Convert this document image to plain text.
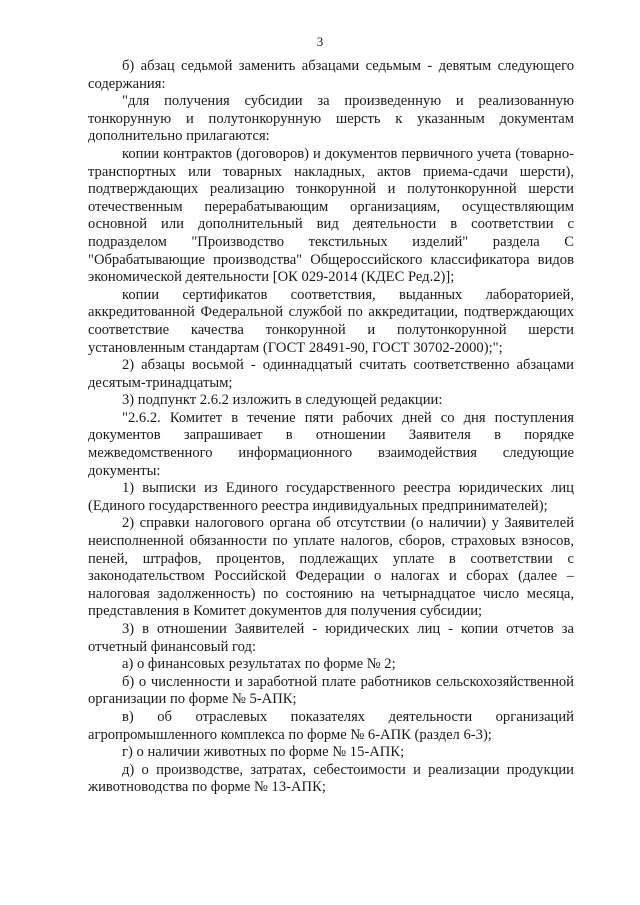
3

б) абзац седьмой заменить абзацами седьмым - девятым следующего содержания:

"для получения субсидии за произведенную и реализованную тонкорунную и полутонкорунную шерсть к указанным документам дополнительно прилагаются:

копии контрактов (договоров) и документов первичного учета (товарно-транспортных или товарных накладных, актов приема-сдачи шерсти), подтверждающих реализацию тонкорунной и полутонкорунной шерсти отечественным перерабатывающим организациям, осуществляющим основной или дополнительный вид деятельности в соответствии с подразделом "Производство текстильных изделий" раздела С "Обрабатывающие производства" Общероссийского классификатора видов экономической деятельности [ОК 029-2014 (КДЕС Ред.2)];

копии сертификатов соответствия, выданных лабораторией, аккредитованной Федеральной службой по аккредитации, подтверждающих соответствие качества тонкорунной и полутонкорунной шерсти установленным стандартам (ГОСТ 28491-90, ГОСТ 30702-2000);";

2) абзацы восьмой - одиннадцатый считать соответственно абзацами десятым-тринадцатым;

3) подпункт 2.6.2 изложить в следующей редакции:

"2.6.2. Комитет в течение пяти рабочих дней со дня поступления документов запрашивает в отношении Заявителя в порядке межведомственного информационного взаимодействия следующие документы:

1) выписки из Единого государственного реестра юридических лиц (Единого государственного реестра индивидуальных предпринимателей);

2) справки налогового органа об отсутствии (о наличии) у Заявителей неисполненной обязанности по уплате налогов, сборов, страховых взносов, пеней, штрафов, процентов, подлежащих уплате в соответствии с законодательством Российской Федерации о налогах и сборах (далее – налоговая задолженность) по состоянию на четырнадцатое число месяца, представления в Комитет документов для получения субсидии;

3) в отношении Заявителей - юридических лиц - копии отчетов за отчетный финансовый год:

а) о финансовых результатах по форме № 2;

б) о численности и заработной плате работников сельскохозяйственной организации по форме № 5-АПК;

в) об отраслевых показателях деятельности организаций агропромышленного комплекса по форме № 6-АПК (раздел 6-3);

г) о наличии животных по форме № 15-АПК;

д) о производстве, затратах, себестоимости и реализации продукции животноводства по форме № 13-АПК;
